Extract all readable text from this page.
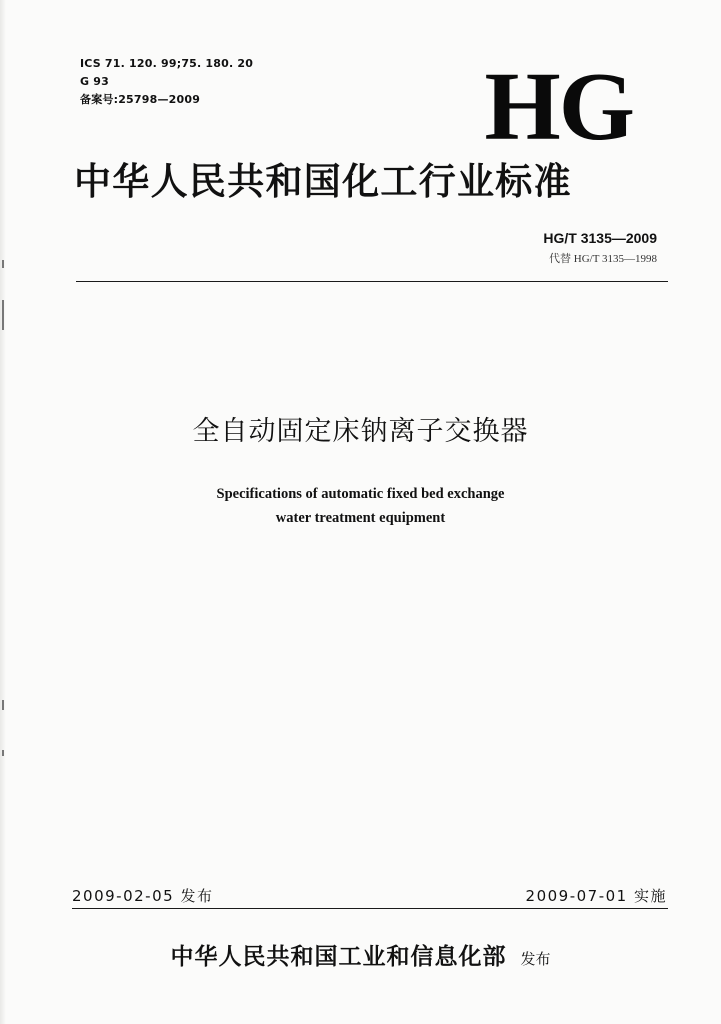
ICS 71. 120. 99;75. 180. 20
G 93
备案号:25798—2009	HG
中华人民共和国化工行业标准
HG/T 3135—2009
代替 HG/T 3135—1998
全自动固定床钠离子交换器
Specifications of automatic fixed bed exchange
water treatment equipment
2009-02-05 发布	2009-07-01 实施
中华人民共和国工业和信息化部 发布
